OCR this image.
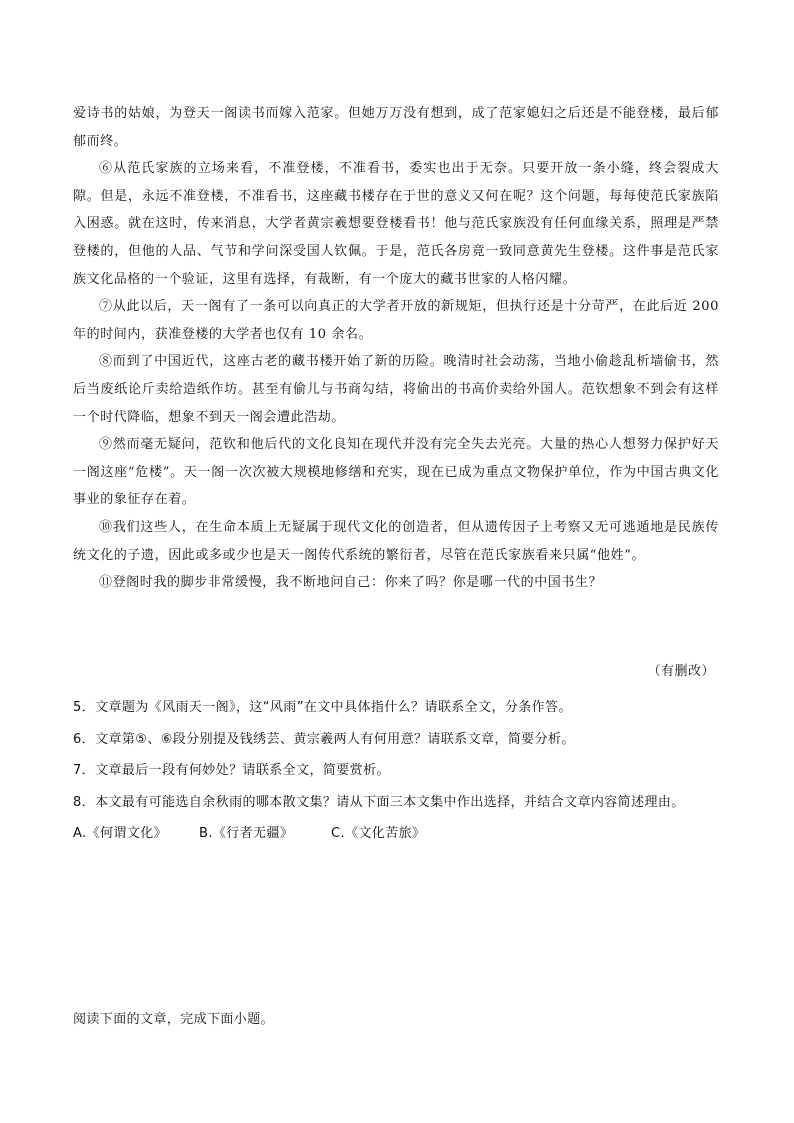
爱诗书的姑娘，为登天一阁读书而嫁入范家。但她万万没有想到，成了范家媳妇之后还是不能登楼，最后郁郁而终。

⑥从范氏家族的立场来看，不准登楼，不准看书，委实也出于无奈。只要开放一条小缝，终会裂成大隙。但是，永远不准登楼，不准看书，这座藏书楼存在于世的意义又何在呢？这个问题，每每使范氏家族陷入困惑。就在这时，传来消息，大学者黄宗羲想要登楼看书！他与范氏家族没有任何血缘关系，照理是严禁登楼的，但他的人品、气节和学问深受国人钦佩。于是，范氏各房竟一致同意黄先生登楼。这件事是范氏家族文化品格的一个验证，这里有选择，有裁断，有一个庞大的藏书世家的人格闪耀。

⑦从此以后，天一阁有了一条可以向真正的大学者开放的新规矩，但执行还是十分苛严，在此后近 200年的时间内，获准登楼的大学者也仅有 10 余名。

⑧而到了中国近代，这座古老的藏书楼开始了新的历险。晚清时社会动荡，当地小偷趁乱析墙偷书，然后当废纸论斤卖给造纸作坊。甚至有偷儿与书商勾结，将偷出的书高价卖给外国人。范钦想象不到会有这样一个时代降临，想象不到天一阁会遭此浩劫。

⑨然而毫无疑问，范钦和他后代的文化良知在现代并没有完全失去光亮。大量的热心人想努力保护好天一阁这座“危楼”。天一阁一次次被大规模地修缮和充实，现在已成为重点文物保护单位，作为中国古典文化事业的象征存在着。

⑩我们这些人，在生命本质上无疑属于现代文化的创造者，但从遗传因子上考察又无可逃遁地是民族传统文化的子遗，因此或多或少也是天一阁传代系统的繁衍者，尽管在范氏家族看来只属“他姓”。

⑪登阁时我的脚步非常缓慢，我不断地问自己：你来了吗？你是哪一代的中国书生？

（有删改）
5．文章题为《风雨天一阁》，这“风雨”在文中具体指什么？请联系全文，分条作答。
6．文章第⑤、⑥段分别提及钱绣芸、黄宗羲两人有何用意？请联系文章，简要分析。
7．文章最后一段有何妙处？请联系全文，简要赏析。
8．本文最有可能选自余秋雨的哪本散文集？请从下面三本文集中作出选择，并结合文章内容简述理由。
A.《何谓文化》 B.《行者无疆》	C.《文化苦旅》
阅读下面的文章，完成下面小题。
